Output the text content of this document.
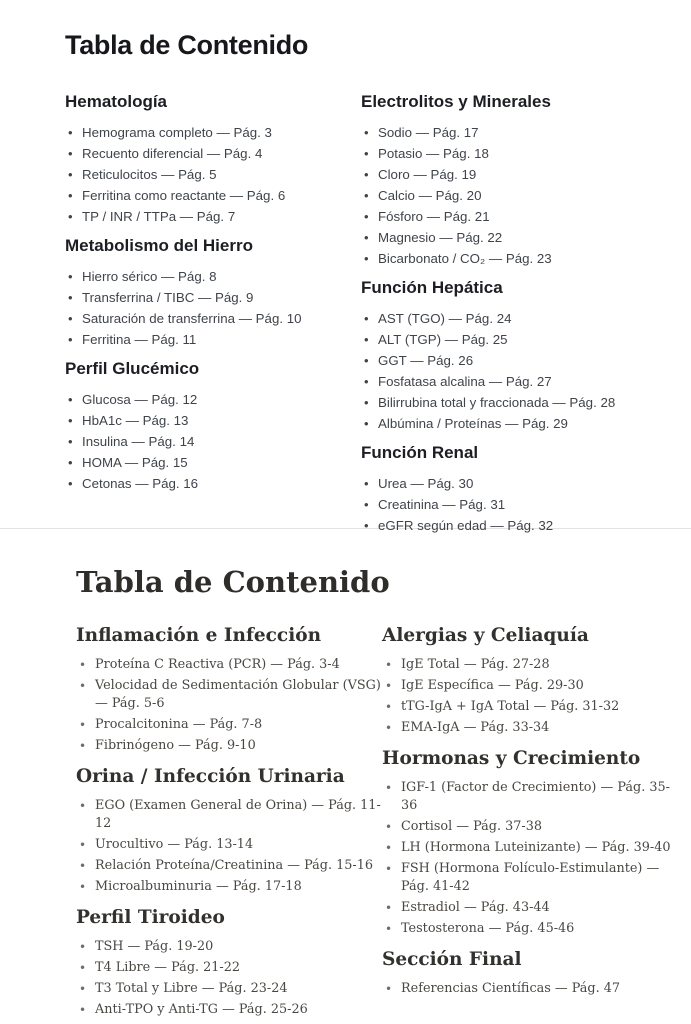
Tabla de Contenido
Hematología
• Hemograma completo — Pág. 3
• Recuento diferencial — Pág. 4
• Reticulocitos — Pág. 5
• Ferritina como reactante — Pág. 6
• TP / INR / TTPa — Pág. 7
Metabolismo del Hierro
• Hierro sérico — Pág. 8
• Transferrina / TIBC — Pág. 9
• Saturación de transferrina — Pág. 10
• Ferritina — Pág. 11
Perfil Glucémico
• Glucosa — Pág. 12
• HbA1c — Pág. 13
• Insulina — Pág. 14
• HOMA — Pág. 15
• Cetonas — Pág. 16
Electrolitos y Minerales
• Sodio — Pág. 17
• Potasio — Pág. 18
• Cloro — Pág. 19
• Calcio — Pág. 20
• Fósforo — Pág. 21
• Magnesio — Pág. 22
• Bicarbonato / CO₂ — Pág. 23
Función Hepática
• AST (TGO) — Pág. 24
• ALT (TGP) — Pág. 25
• GGT — Pág. 26
• Fosfatasa alcalina — Pág. 27
• Bilirrubina total y fraccionada — Pág. 28
• Albúmina / Proteínas — Pág. 29
Función Renal
• Urea — Pág. 30
• Creatinina — Pág. 31
• eGFR según edad — Pág. 32
Tabla de Contenido
Inflamación e Infección
• Proteína C Reactiva (PCR) — Pág. 3-4
• Velocidad de Sedimentación Globular (VSG) — Pág. 5-6
• Procalcitonina — Pág. 7-8
• Fibrinógeno — Pág. 9-10
Orina / Infección Urinaria
• EGO (Examen General de Orina) — Pág. 11-12
• Urocultivo — Pág. 13-14
• Relación Proteína/Creatinina — Pág. 15-16
• Microalbuminuria — Pág. 17-18
Perfil Tiroideo
• TSH — Pág. 19-20
• T4 Libre — Pág. 21-22
• T3 Total y Libre — Pág. 23-24
• Anti-TPO y Anti-TG — Pág. 25-26
Alergias y Celiaquía
• IgE Total — Pág. 27-28
• IgE Específica — Pág. 29-30
• tTG-IgA + IgA Total — Pág. 31-32
• EMA-IgA — Pág. 33-34
Hormonas y Crecimiento
• IGF-1 (Factor de Crecimiento) — Pág. 35-36
• Cortisol — Pág. 37-38
• LH (Hormona Luteinizante) — Pág. 39-40
• FSH (Hormona Folículo-Estimulante) — Pág. 41-42
• Estradiol — Pág. 43-44
• Testosterona — Pág. 45-46
Sección Final
• Referencias Científicas — Pág. 47
